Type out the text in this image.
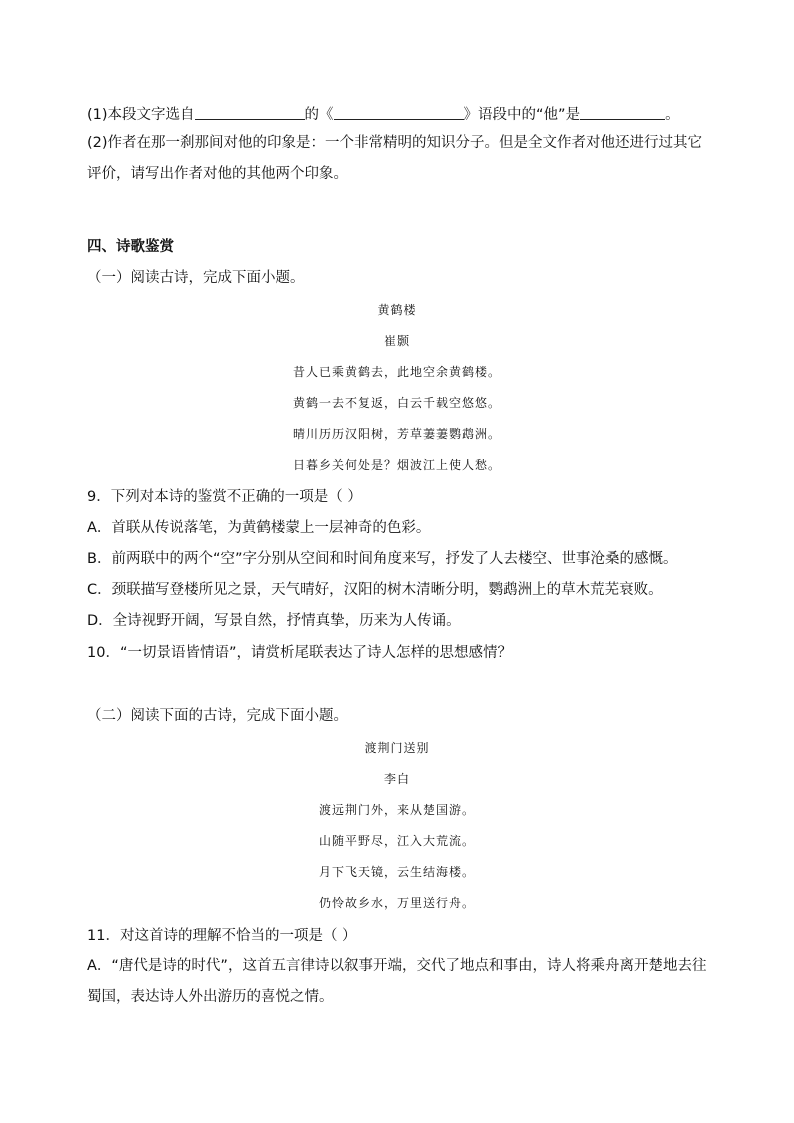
(1)本段文字选自	的《	》语段中的“他”是	。
(2)作者在那一刹那间对他的印象是：一个非常精明的知识分子。但是全文作者对他还进行过其它评价，请写出作者对他的其他两个印象。
四、诗歌鉴赏
（一）阅读古诗，完成下面小题。
黄鹤楼
崔颢
昔人已乘黄鹤去，此地空余黄鹤楼。
黄鹤一去不复返，白云千载空悠悠。
晴川历历汉阳树，芳草萋萋鹦鹉洲。
日暮乡关何处是？烟波江上使人愁。
9．下列对本诗的鉴赏不正确的一项是（ ）
A．首联从传说落笔，为黄鹤楼蒙上一层神奇的色彩。
B．前两联中的两个“空”字分别从空间和时间角度来写，抒发了人去楼空、世事沧桑的感慨。
C．颈联描写登楼所见之景，天气晴好，汉阳的树木清晰分明，鹦鹉洲上的草木荒芜衰败。
D．全诗视野开阔，写景自然，抒情真挚，历来为人传诵。
10．“一切景语皆情语”，请赏析尾联表达了诗人怎样的思想感情？
（二）阅读下面的古诗，完成下面小题。
渡荆门送别
李白
渡远荆门外，来从楚国游。
山随平野尽，江入大荒流。
月下飞天镜，云生结海楼。
仍怜故乡水，万里送行舟。
11．对这首诗的理解不恰当的一项是（ ）
A．“唐代是诗的时代”，这首五言律诗以叙事开端，交代了地点和事由，诗人将乘舟离开楚地去往蜀国，表达诗人外出游历的喜悦之情。
